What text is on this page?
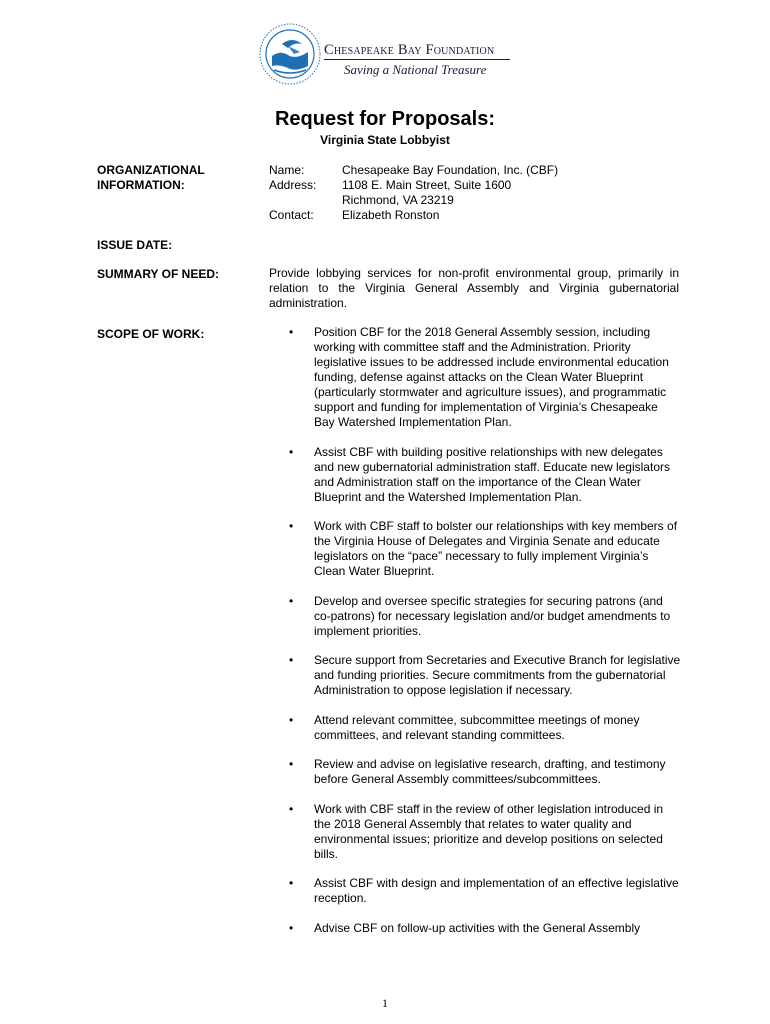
Chesapeake Bay Foundation
Saving a National Treasure
Request for Proposals:
Virginia State Lobbyist
ORGANIZATIONAL
INFORMATION:
Name:	Chesapeake Bay Foundation, Inc. (CBF)
Address:	1108 E. Main Street, Suite 1600
Richmond, VA 23219
Contact:	Elizabeth Ronston
ISSUE DATE:
SUMMARY OF NEED:	Provide lobbying services for non-profit environmental group, primarily in relation to the Virginia General Assembly and Virginia gubernatorial administration.
SCOPE OF WORK:	• Position CBF for the 2018 General Assembly session, including working with committee staff and the Administration. Priority legislative issues to be addressed include environmental education funding, defense against attacks on the Clean Water Blueprint (particularly stormwater and agriculture issues), and programmatic support and funding for implementation of Virginia’s Chesapeake Bay Watershed Implementation Plan.
• Assist CBF with building positive relationships with new delegates and new gubernatorial administration staff. Educate new legislators and Administration staff on the importance of the Clean Water Blueprint and the Watershed Implementation Plan.
• Work with CBF staff to bolster our relationships with key members of the Virginia House of Delegates and Virginia Senate and educate legislators on the “pace” necessary to fully implement Virginia’s Clean Water Blueprint.
• Develop and oversee specific strategies for securing patrons (and co-patrons) for necessary legislation and/or budget amendments to implement priorities.
• Secure support from Secretaries and Executive Branch for legislative and funding priorities. Secure commitments from the gubernatorial Administration to oppose legislation if necessary.
• Attend relevant committee, subcommittee meetings of money committees, and relevant standing committees.
• Review and advise on legislative research, drafting, and testimony before General Assembly committees/subcommittees.
• Work with CBF staff in the review of other legislation introduced in the 2018 General Assembly that relates to water quality and environmental issues; prioritize and develop positions on selected bills.
• Assist CBF with design and implementation of an effective legislative reception.
• Advise CBF on follow-up activities with the General Assembly
1
